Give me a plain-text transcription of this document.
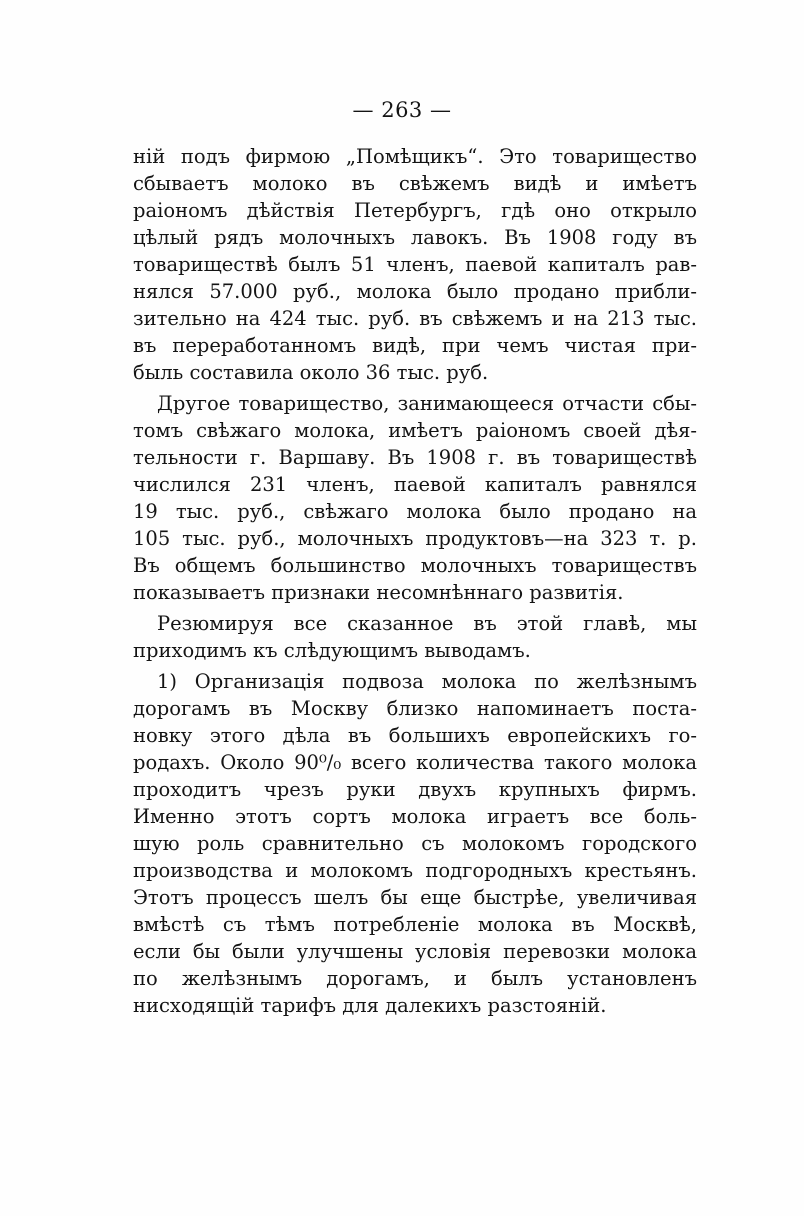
— 263 —
ній подъ фирмою „Помѣщикъ“. Это товарищество
сбываетъ молоко въ свѣжемъ видѣ и имѣетъ
раіономъ дѣйствія Петербургъ, гдѣ оно открыло
цѣлый рядъ молочныхъ лавокъ. Въ 1908 году въ
товариществѣ былъ 51 членъ, паевой капиталъ рав-
нялся 57.000 руб., молока было продано прибли-
зительно на 424 тыс. руб. въ свѣжемъ и на 213 тыс.
въ переработанномъ видѣ, при чемъ чистая при-
быль составила около 36 тыс. руб.
Другое товарищество, занимающееся отчасти сбы-
томъ свѣжаго молока, имѣетъ раіономъ своей дѣя-
тельности г. Варшаву. Въ 1908 г. въ товариществѣ
числился 231 членъ, паевой капиталъ равнялся
19 тыс. руб., свѣжаго молока было продано на
105 тыс. руб., молочныхъ продуктовъ—на 323 т. р.
Въ общемъ большинство молочныхъ товариществъ
показываетъ признаки несомнѣннаго развитія.
Резюмируя все сказанное въ этой главѣ, мы
приходимъ къ слѣдующимъ выводамъ.
1) Организація подвоза молока по желѣзнымъ
дорогамъ въ Москву близко напоминаетъ поста-
новку этого дѣла въ большихъ европейскихъ го-
родахъ. Около 90⁰/₀ всего количества такого молока
проходитъ чрезъ руки двухъ крупныхъ фирмъ.
Именно этотъ сортъ молока играетъ все боль-
шую роль сравнительно съ молокомъ городского
производства и молокомъ подгородныхъ крестьянъ.
Этотъ процессъ шелъ бы еще быстрѣе, увеличивая
вмѣстѣ съ тѣмъ потребленіе молока въ Москвѣ,
если бы были улучшены условія перевозки молока
по желѣзнымъ дорогамъ, и былъ установленъ
нисходящій тарифъ для далекихъ разстояній.
